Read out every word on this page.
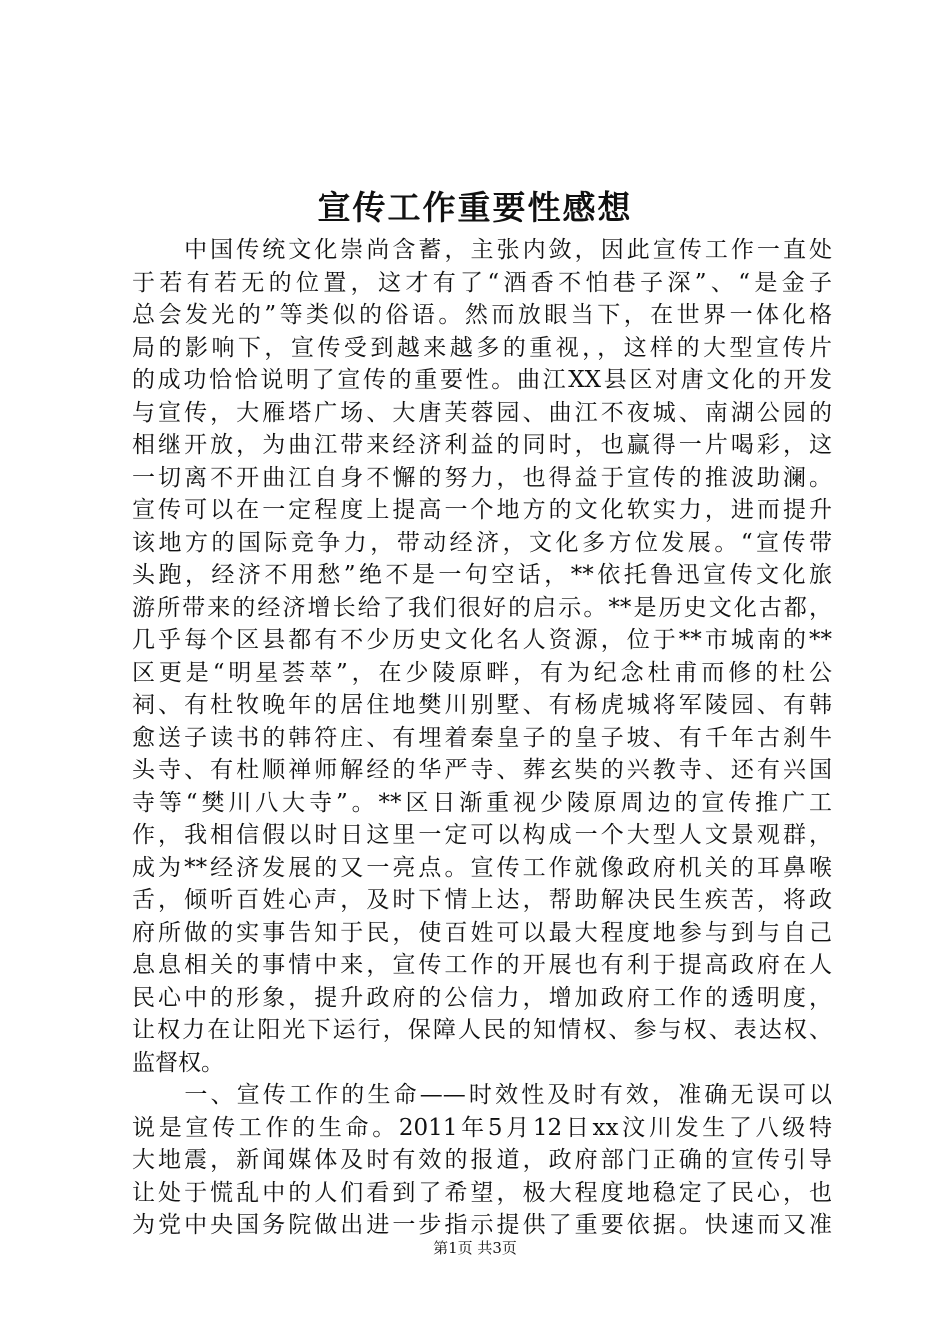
宣传工作重要性感想
　　中国传统文化崇尚含蓄，主张内敛，因此宣传工作一直处
于若有若无的位置，这才有了“酒香不怕巷子深”、“是金子
总会发光的”等类似的俗语。然而放眼当下，在世界一体化格
局的影响下，宣传受到越来越多的重视，，这样的大型宣传片
的成功恰恰说明了宣传的重要性。曲江XX县区对唐文化的开发
与宣传，大雁塔广场、大唐芙蓉园、曲江不夜城、南湖公园的
相继开放，为曲江带来经济利益的同时，也赢得一片喝彩，这
一切离不开曲江自身不懈的努力，也得益于宣传的推波助澜。
宣传可以在一定程度上提高一个地方的文化软实力，进而提升
该地方的国际竞争力，带动经济，文化多方位发展。“宣传带
头跑，经济不用愁”绝不是一句空话，**依托鲁迅宣传文化旅
游所带来的经济增长给了我们很好的启示。**是历史文化古都，
几乎每个区县都有不少历史文化名人资源，位于**市城南的**
区更是“明星荟萃”，在少陵原畔，有为纪念杜甫而修的杜公
祠、有杜牧晚年的居住地樊川别墅、有杨虎城将军陵园、有韩
愈送子读书的韩符庄、有埋着秦皇子的皇子坡、有千年古刹牛
头寺、有杜顺禅师解经的华严寺、葬玄奘的兴教寺、还有兴国
寺等“樊川八大寺”。**区日渐重视少陵原周边的宣传推广工
作，我相信假以时日这里一定可以构成一个大型人文景观群，
成为**经济发展的又一亮点。宣传工作就像政府机关的耳鼻喉
舌，倾听百姓心声，及时下情上达，帮助解决民生疾苦，将政
府所做的实事告知于民，使百姓可以最大程度地参与到与自己
息息相关的事情中来，宣传工作的开展也有利于提高政府在人
民心中的形象，提升政府的公信力，增加政府工作的透明度，
让权力在让阳光下运行，保障人民的知情权、参与权、表达权、
监督权。
　　一、宣传工作的生命——时效性及时有效，准确无误可以
说是宣传工作的生命。2011年5月12日xx汶川发生了八级特
大地震，新闻媒体及时有效的报道，政府部门正确的宣传引导
让处于慌乱中的人们看到了希望，极大程度地稳定了民心，也
为党中央国务院做出进一步指示提供了重要依据。快速而又准
第1页 共3页
